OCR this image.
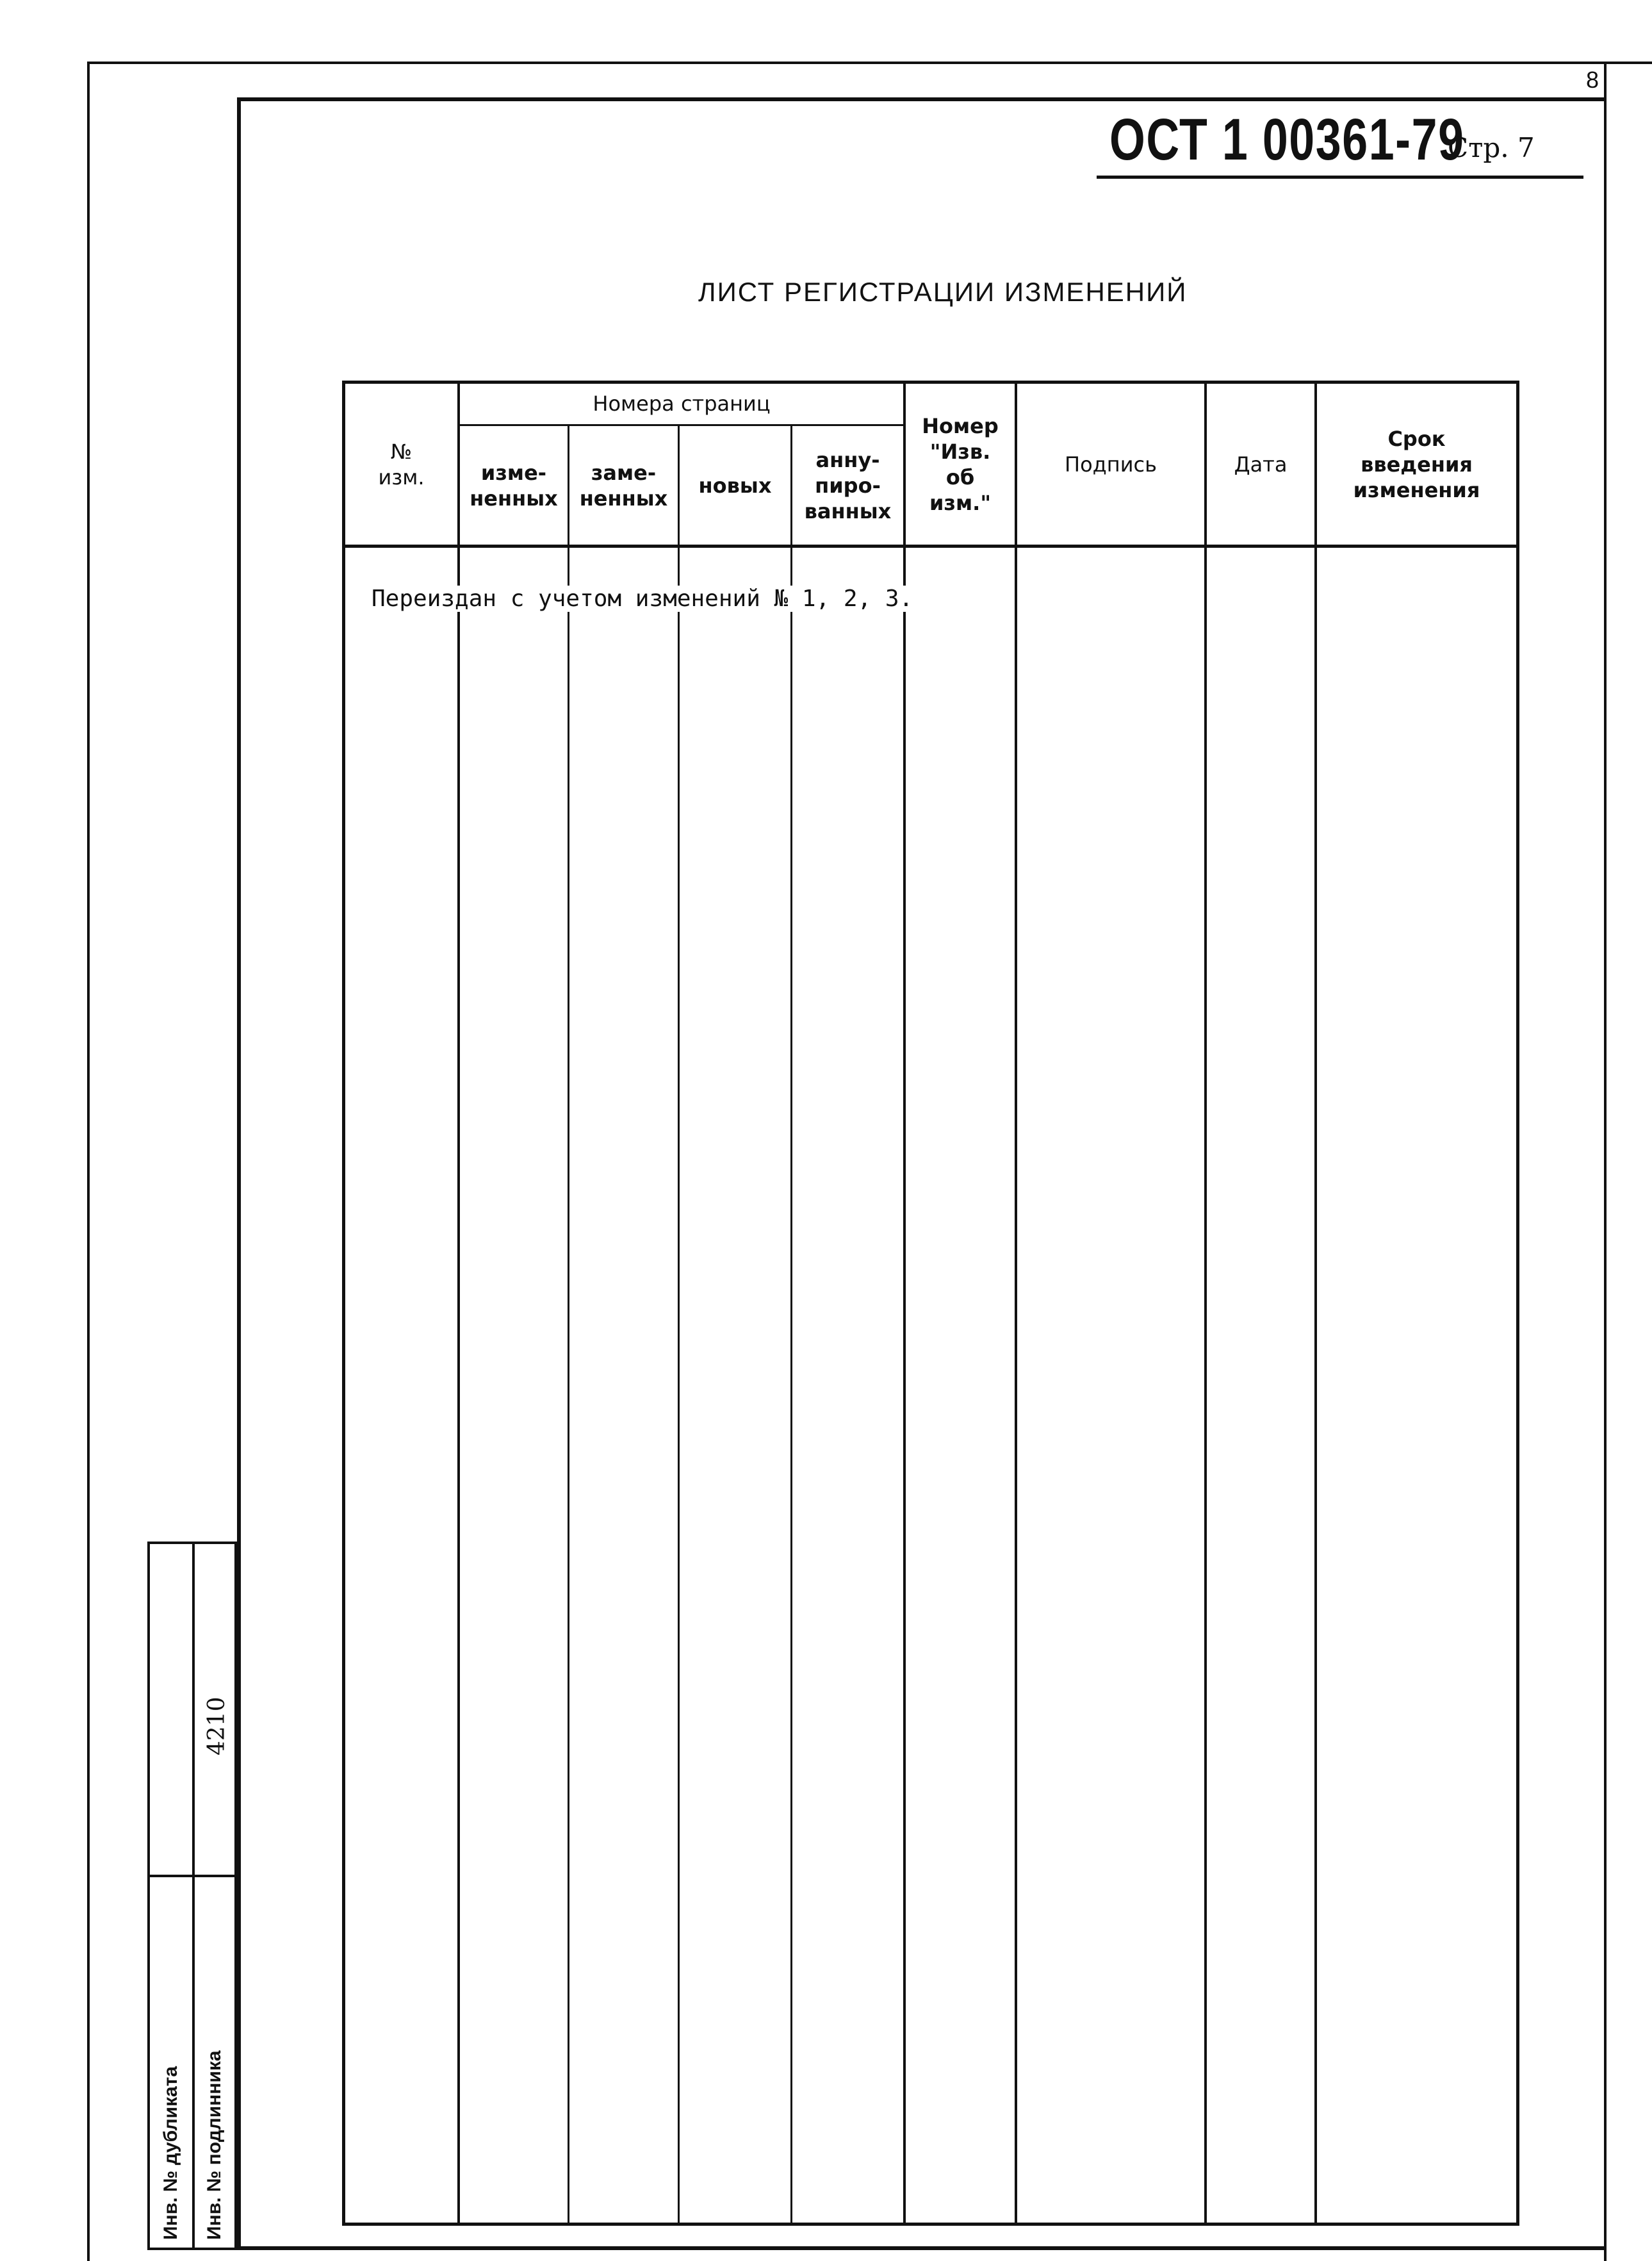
8
ОСТ 1 00361-79
Стр. 7
ЛИСТ РЕГИСТРАЦИИ ИЗМЕНЕНИЙ
Номера страниц
№
изм.	изме-
ненных
заме-
ненных
новых
анну-
пиро-
ванных
Номер
"Изв.
об
изм."
Подпись	Дата
Срок
введения
изменения
Переиздан с учетом изменений № 1, 2, 3.
Инв. № дубликата Инв. № подлинника
4210
